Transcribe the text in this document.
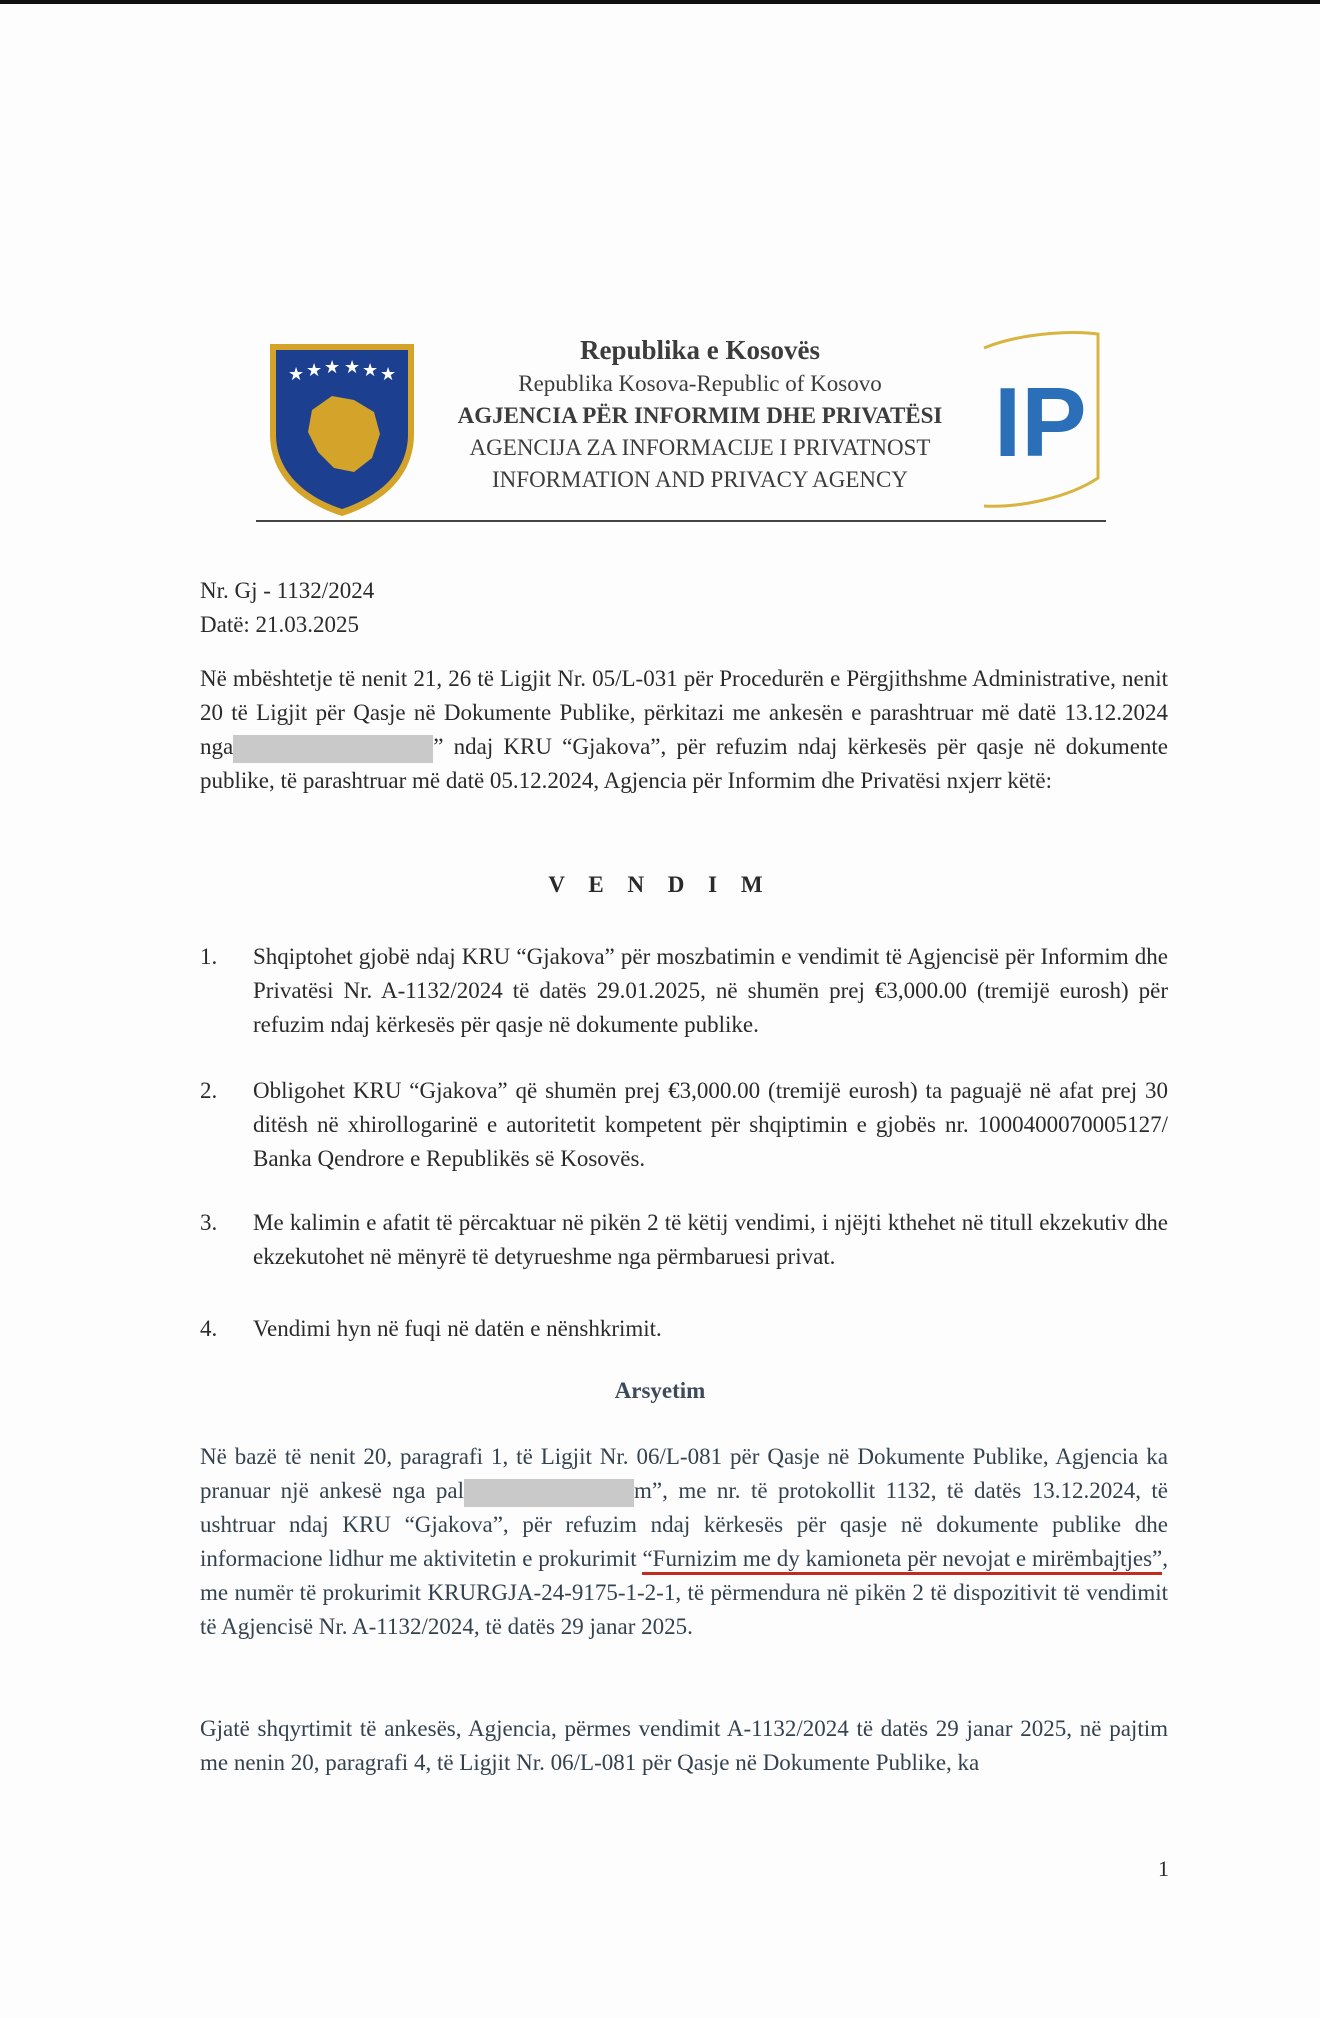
★ ★ ★ ★ ★ ★
Republika e Kosovës
Republika Kosova-Republic of Kosovo
AGJENCIA PËR INFORMIM DHE PRIVATËSI
AGENCIJA ZA INFORMACIJE I PRIVATNOST
INFORMATION AND PRIVACY AGENCY
IP
Nr. Gj - 1132/2024
Datë: 21.03.2025
Në mbështetje të nenit 21, 26 të Ligjit Nr. 05/L-031 për Procedurën e Përgjithshme Administrative, nenit 20 të Ligjit për Qasje në Dokumente Publike, përkitazi me ankesën e parashtruar më datë 13.12.2024 nga	” ndaj KRU “Gjakova”, për refuzim ndaj kërkesës për qasje në dokumente publike, të parashtruar më datë 05.12.2024, Agjencia për Informim dhe Privatësi nxjerr këtë:
V E N D I M
1.	Shqiptohet gjobë ndaj KRU “Gjakova” për moszbatimin e vendimit të Agjencisë për Informim dhe Privatësi Nr. A-1132/2024 të datës 29.01.2025, në shumën prej €3,000.00 (tremijë eurosh) për refuzim ndaj kërkesës për qasje në dokumente publike.
2.	Obligohet KRU “Gjakova” që shumën prej €3,000.00 (tremijë eurosh) ta paguajë në afat prej 30 ditësh në xhirollogarinë e autoritetit kompetent për shqiptimin e gjobës nr. 1000400070005127/ Banka Qendrore e Republikës së Kosovës.
3.	Me kalimin e afatit të përcaktuar në pikën 2 të këtij vendimi, i njëjti kthehet në titull ekzekutiv dhe ekzekutohet në mënyrë të detyrueshme nga përmbaruesi privat.
4.	Vendimi hyn në fuqi në datën e nënshkrimit.
Arsyetim
Në bazë të nenit 20, paragrafi 1, të Ligjit Nr. 06/L-081 për Qasje në Dokumente Publike, Agjencia ka pranuar një ankesë nga pal	m”, me nr. të protokollit 1132, të datës 13.12.2024, të ushtruar ndaj KRU “Gjakova”, për refuzim ndaj kërkesës për qasje në dokumente publike dhe informacione lidhur me aktivitetin e prokurimit “Furnizim me dy kamioneta për nevojat e mirëmbajtjes”, me numër të prokurimit KRURGJA-24-9175-1-2-1, të përmendura në pikën 2 të dispozitivit të vendimit të Agjencisë Nr. A-1132/2024, të datës 29 janar 2025.
Gjatë shqyrtimit të ankesës, Agjencia, përmes vendimit A-1132/2024 të datës 29 janar 2025, në pajtim me nenin 20, paragrafi 4, të Ligjit Nr. 06/L-081 për Qasje në Dokumente Publike, ka
1
